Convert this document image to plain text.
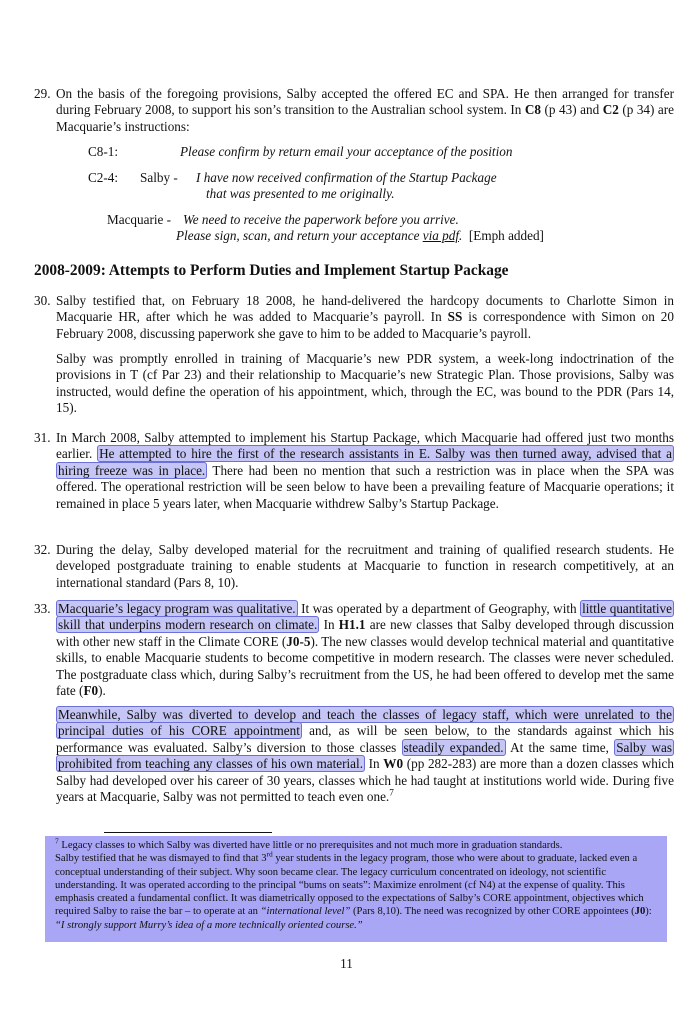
29. On the basis of the foregoing provisions, Salby accepted the offered EC and SPA. He then arranged for transfer during February 2008, to support his son’s transition to the Australian school system. In C8 (p 43) and C2 (p 34) are Macquarie’s instructions:
C8-1:	Please confirm by return email your acceptance of the position
C2-4: Salby - I have now received confirmation of the Startup Package
that was presented to me originally.
Macquarie - We need to receive the paperwork before you arrive.
Please sign, scan, and return your acceptance via pdf. [Emph added]
2008-2009: Attempts to Perform Duties and Implement Startup Package
30. Salby testified that, on February 18 2008, he hand-delivered the hardcopy documents to Charlotte Simon in Macquarie HR, after which he was added to Macquarie’s payroll. In SS is correspondence with Simon on 20 February 2008, discussing paperwork she gave to him to be added to Macquarie’s payroll.
Salby was promptly enrolled in training of Macquarie’s new PDR system, a week-long indoctrination of the provisions in T (cf Par 23) and their relationship to Macquarie’s new Strategic Plan. Those provisions, Salby was instructed, would define the operation of his appointment, which, through the EC, was bound to the PDR (Pars 14, 15).
31. In March 2008, Salby attempted to implement his Startup Package, which Macquarie had offered just two months earlier. He attempted to hire the first of the research assistants in E. Salby was then turned away, advised that a hiring freeze was in place. There had been no mention that such a restriction was in place when the SPA was offered. The operational restriction will be seen below to have been a prevailing feature of Macquarie operations; it remained in place 5 years later, when Macquarie withdrew Salby’s Startup Package.
32. During the delay, Salby developed material for the recruitment and training of qualified research students. He developed postgraduate training to enable students at Macquarie to function in research competitively, at an international standard (Pars 8, 10).
33. Macquarie’s legacy program was qualitative. It was operated by a department of Geography, with little quantitative skill that underpins modern research on climate. In H1.1 are new classes that Salby developed through discussion with other new staff in the Climate CORE (J0-5). The new classes would develop technical material and quantitative skills, to enable Macquarie students to become competitive in modern research. The classes were never scheduled. The postgraduate class which, during Salby’s recruitment from the US, he had been offered to develop met the same fate (F0).
Meanwhile, Salby was diverted to develop and teach the classes of legacy staff, which were unrelated to the principal duties of his CORE appointment and, as will be seen below, to the standards against which his performance was evaluated. Salby’s diversion to those classes steadily expanded. At the same time, Salby was prohibited from teaching any classes of his own material. In W0 (pp 282-283) are more than a dozen classes which Salby had developed over his career of 30 years, classes which he had taught at institutions world wide. During five years at Macquarie, Salby was not permitted to teach even one.$^7$

$^7$ Legacy classes to which Salby was diverted have little or no prerequisites and not much more in graduation standards.

Salby testified that he was dismayed to find that 3rd year students in the legacy program, those who were about to graduate, lacked even a conceptual understanding of their subject. Why soon became clear. The legacy curriculum concentrated on ideology, not scientific understanding. It was operated according to the principal “bums on seats”: Maximize enrolment (cf N4) at the expense of quality. This emphasis created a fundamental conflict. It was diametrically opposed to the expectations of Salby’s CORE appointment, objectives which required Salby to raise the bar – to operate at an “international level” (Pars 8,10). The need was recognized by other CORE appointees (J0): “I strongly support Murry’s idea of a more technically oriented course.”

11
